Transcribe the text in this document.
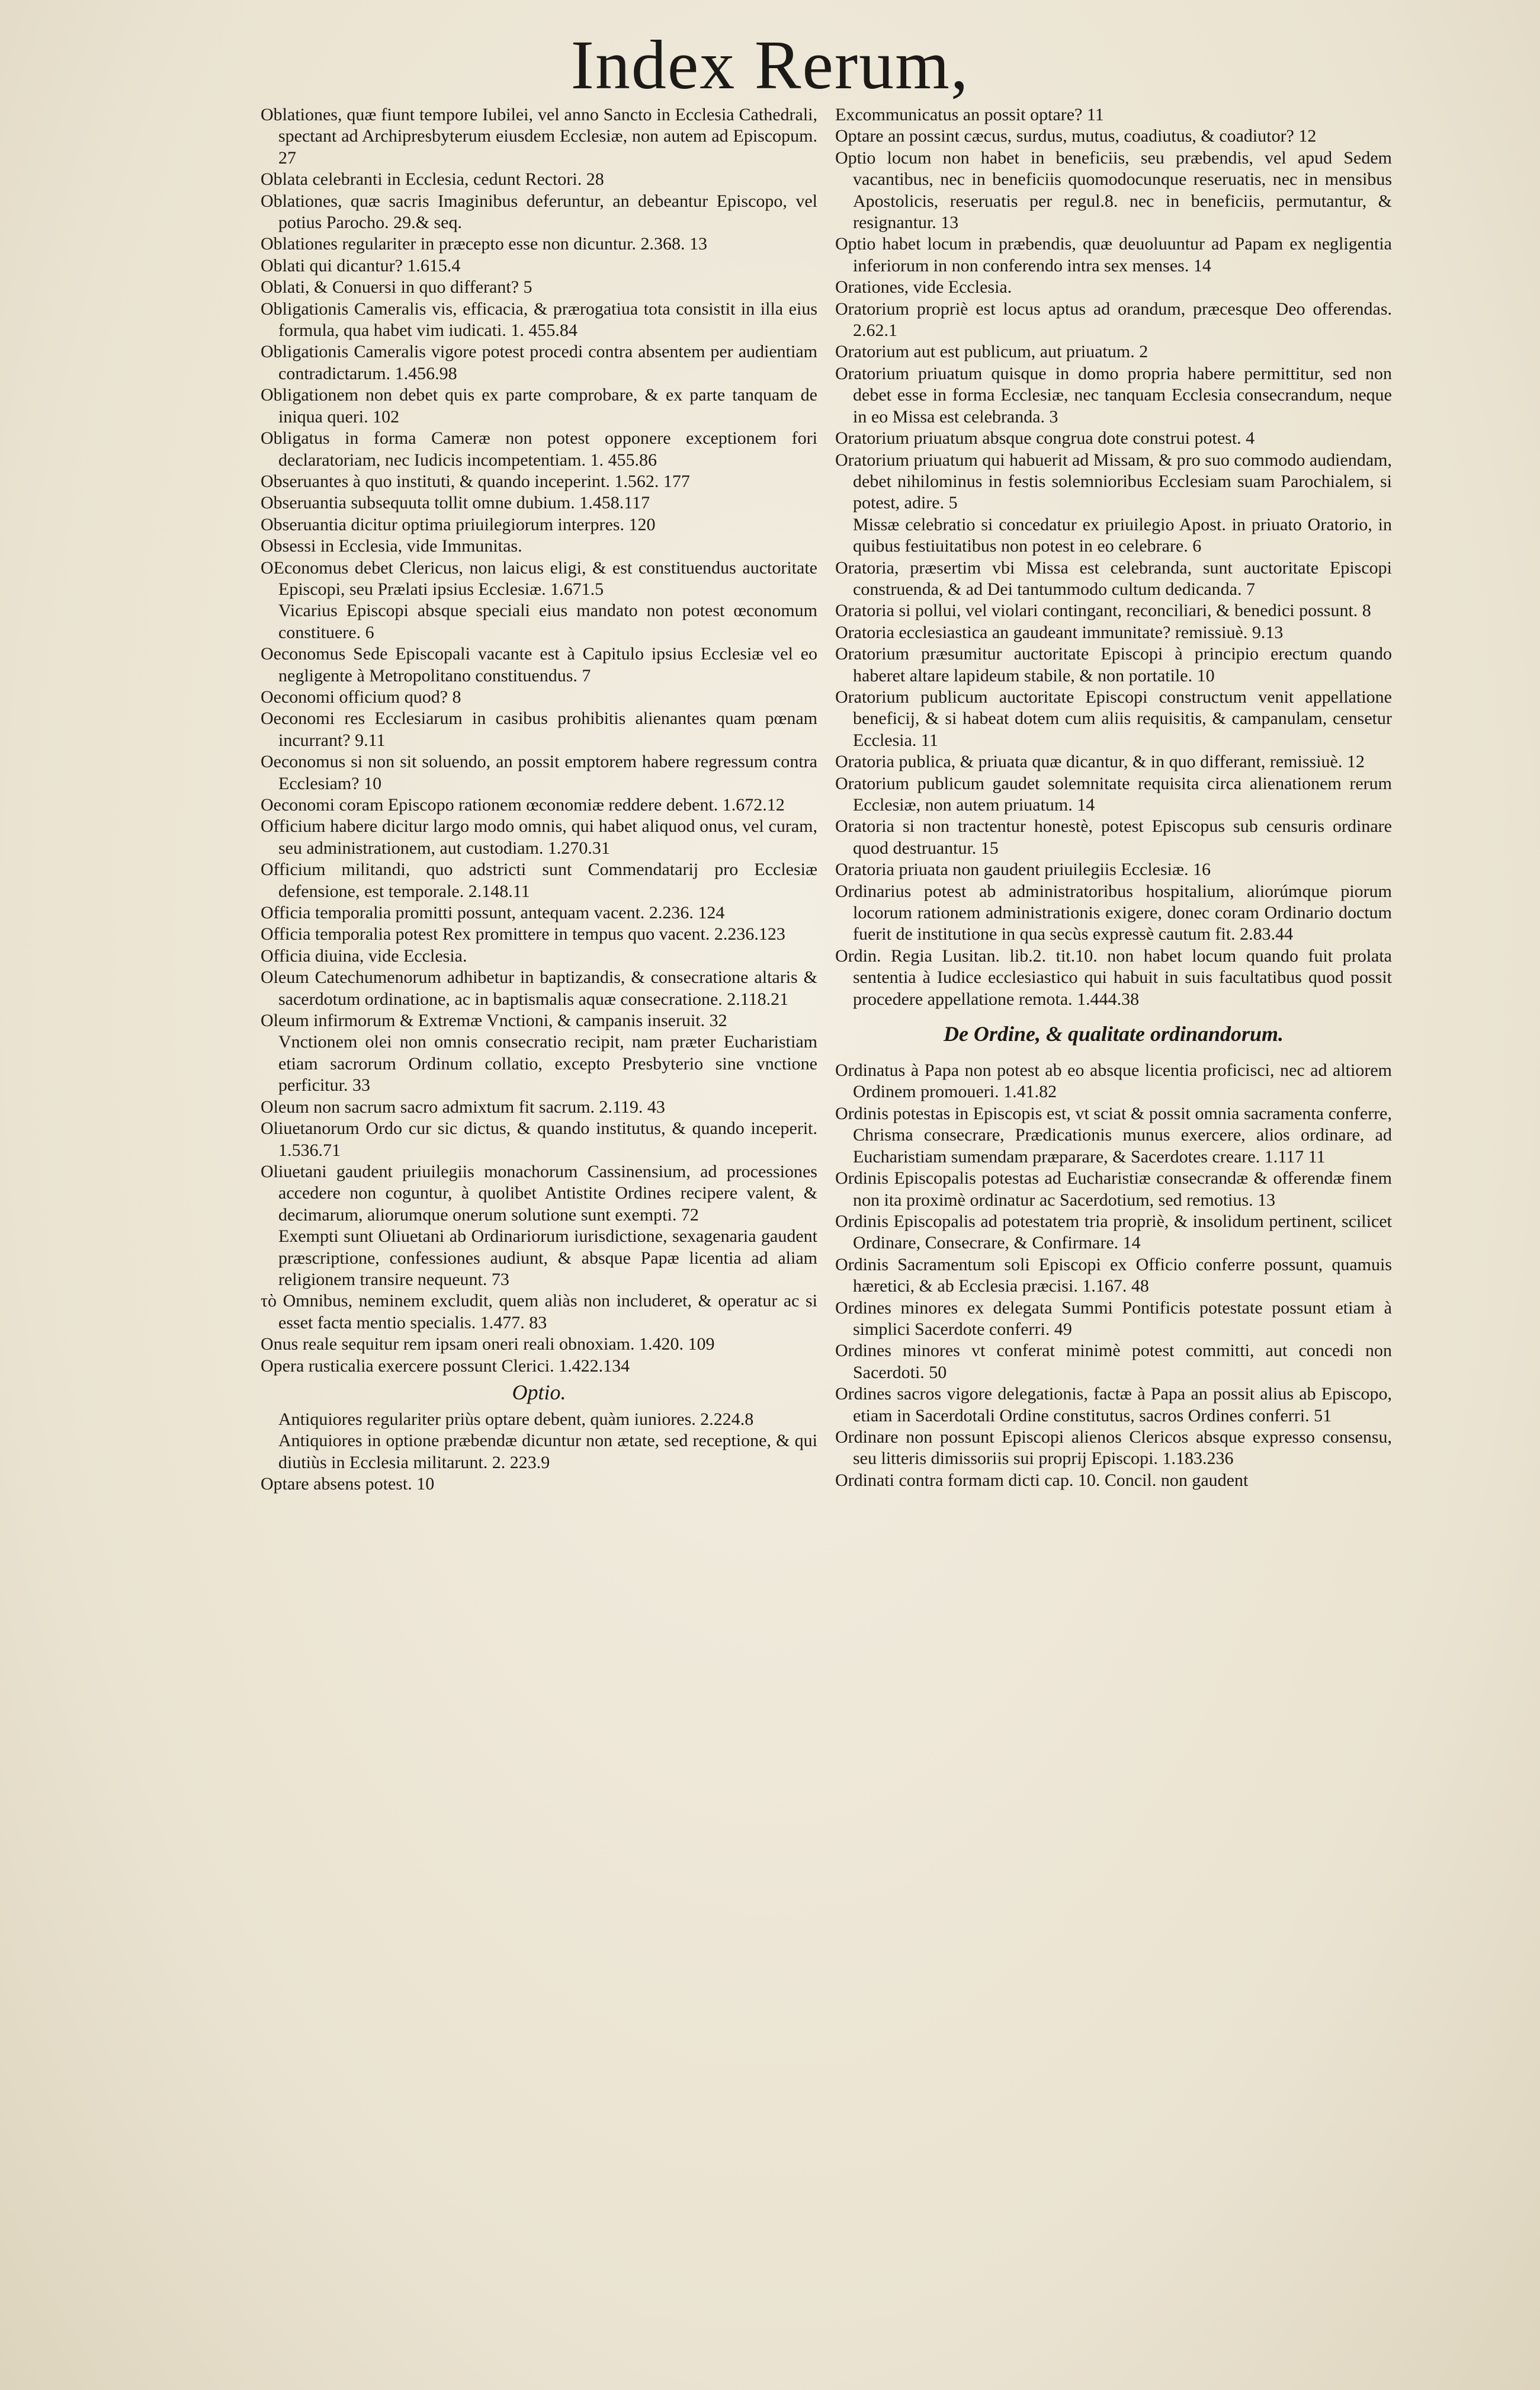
Index Rerum,

Oblationes, quæ fiunt tempore Iubilei, vel anno Sancto in Ecclesia Cathedrali, spectant ad Archipresbyterum eiusdem Ecclesiæ, non autem ad Episcopum. 27

Oblata celebranti in Ecclesia, cedunt Rectori. 28

Oblationes, quæ sacris Imaginibus deferuntur, an debeantur Episcopo, vel potius Parocho. 29.& seq.

Oblationes regulariter in præcepto esse non dicuntur. 2.368. 13

Oblati qui dicantur? 1.615.4

Oblati, & Conuersi in quo differant? 5

Obligationis Cameralis vis, efficacia, & prærogatiua tota consistit in illa eius formula, qua habet vim iudicati. 1. 455.84

Obligationis Cameralis vigore potest procedi contra absentem per audientiam contradictarum. 1.456.98

Obligationem non debet quis ex parte comprobare, & ex parte tanquam de iniqua queri. 102

Obligatus in forma Cameræ non potest opponere exceptionem fori declaratoriam, nec Iudicis incompetentiam. 1. 455.86

Obseruantes à quo instituti, & quando inceperint. 1.562. 177

Obseruantia subsequuta tollit omne dubium. 1.458.117

Obseruantia dicitur optima priuilegiorum interpres. 120

Obsessi in Ecclesia, vide Immunitas.

OEconomus debet Clericus, non laicus eligi, & est constituendus auctoritate Episcopi, seu Prælati ipsius Ecclesiæ. 1.671.5

Vicarius Episcopi absque speciali eius mandato non potest œconomum constituere. 6

Oeconomus Sede Episcopali vacante est à Capitulo ipsius Ecclesiæ vel eo negligente à Metropolitano constituendus. 7

Oeconomi officium quod? 8

Oeconomi res Ecclesiarum in casibus prohibitis alienantes quam pœnam incurrant? 9.11

Oeconomus si non sit soluendo, an possit emptorem habere regressum contra Ecclesiam? 10

Oeconomi coram Episcopo rationem œconomiæ reddere debent. 1.672.12

Officium habere dicitur largo modo omnis, qui habet aliquod onus, vel curam, seu administrationem, aut custodiam. 1.270.31

Officium militandi, quo adstricti sunt Commendatarij pro Ecclesiæ defensione, est temporale. 2.148.11

Officia temporalia promitti possunt, antequam vacent. 2.236. 124

Officia temporalia potest Rex promittere in tempus quo vacent. 2.236.123

Officia diuina, vide Ecclesia.

Oleum Catechumenorum adhibetur in baptizandis, & consecratione altaris & sacerdotum ordinatione, ac in baptismalis aquæ consecratione. 2.118.21

Oleum infirmorum & Extremæ Vnctioni, & campanis inseruit. 32

Vnctionem olei non omnis consecratio recipit, nam præter Eucharistiam etiam sacrorum Ordinum collatio, excepto Presbyterio sine vnctione perficitur. 33

Oleum non sacrum sacro admixtum fit sacrum. 2.119. 43

Oliuetanorum Ordo cur sic dictus, & quando institutus, & quando inceperit. 1.536.71

Oliuetani gaudent priuilegiis monachorum Cassinensium, ad processiones accedere non coguntur, à quolibet Antistite Ordines recipere valent, & decimarum, aliorumque onerum solutione sunt exempti. 72

Exempti sunt Oliuetani ab Ordinariorum iurisdictione, sexagenaria gaudent præscriptione, confessiones audiunt, & absque Papæ licentia ad aliam religionem transire nequeunt. 73

τὸ Omnibus, neminem excludit, quem aliàs non includeret, & operatur ac si esset facta mentio specialis. 1.477. 83

Onus reale sequitur rem ipsam oneri reali obnoxiam. 1.420. 109

Opera rusticalia exercere possunt Clerici. 1.422.134

Optio.

Antiquiores regulariter priùs optare debent, quàm iuniores. 2.224.8

Antiquiores in optione præbendæ dicuntur non ætate, sed receptione, & qui diutiùs in Ecclesia militarunt. 2. 223.9

Optare absens potest. 10

Excommunicatus an possit optare? 11

Optare an possint cæcus, surdus, mutus, coadiutus, & coadiutor? 12

Optio locum non habet in beneficiis, seu præbendis, vel apud Sedem vacantibus, nec in beneficiis quomodocunque reseruatis, nec in mensibus Apostolicis, reseruatis per regul.8. nec in beneficiis, permutantur, & resignantur. 13

Optio habet locum in præbendis, quæ deuoluuntur ad Papam ex negligentia inferiorum in non conferendo intra sex menses. 14

Orationes, vide Ecclesia.

Oratorium propriè est locus aptus ad orandum, præcesque Deo offerendas. 2.62.1

Oratorium aut est publicum, aut priuatum. 2

Oratorium priuatum quisque in domo propria habere permittitur, sed non debet esse in forma Ecclesiæ, nec tanquam Ecclesia consecrandum, neque in eo Missa est celebranda. 3

Oratorium priuatum absque congrua dote construi potest. 4

Oratorium priuatum qui habuerit ad Missam, & pro suo commodo audiendam, debet nihilominus in festis solemnioribus Ecclesiam suam Parochialem, si potest, adire. 5

Missæ celebratio si concedatur ex priuilegio Apost. in priuato Oratorio, in quibus festiuitatibus non potest in eo celebrare. 6

Oratoria, præsertim vbi Missa est celebranda, sunt auctoritate Episcopi construenda, & ad Dei tantummodo cultum dedicanda. 7

Oratoria si pollui, vel violari contingant, reconciliari, & benedici possunt. 8

Oratoria ecclesiastica an gaudeant immunitate? remissiuè. 9.13

Oratorium præsumitur auctoritate Episcopi à principio erectum quando haberet altare lapideum stabile, & non portatile. 10

Oratorium publicum auctoritate Episcopi constructum venit appellatione beneficij, & si habeat dotem cum aliis requisitis, & campanulam, censetur Ecclesia. 11

Oratoria publica, & priuata quæ dicantur, & in quo differant, remissiuè. 12

Oratorium publicum gaudet solemnitate requisita circa alienationem rerum Ecclesiæ, non autem priuatum. 14

Oratoria si non tractentur honestè, potest Episcopus sub censuris ordinare quod destruantur. 15

Oratoria priuata non gaudent priuilegiis Ecclesiæ. 16

Ordinarius potest ab administratoribus hospitalium, aliorúmque piorum locorum rationem administrationis exigere, donec coram Ordinario doctum fuerit de institutione in qua secùs expressè cautum fit. 2.83.44

Ordin. Regia Lusitan. lib.2. tit.10. non habet locum quando fuit prolata sententia à Iudice ecclesiastico qui habuit in suis facultatibus quod possit procedere appellatione remota. 1.444.38

De Ordine, & qualitate ordinandorum.

Ordinatus à Papa non potest ab eo absque licentia proficisci, nec ad altiorem Ordinem promoueri. 1.41.82

Ordinis potestas in Episcopis est, vt sciat & possit omnia sacramenta conferre, Chrisma consecrare, Prædicationis munus exercere, alios ordinare, ad Eucharistiam sumendam præparare, & Sacerdotes creare. 1.117 11

Ordinis Episcopalis potestas ad Eucharistiæ consecrandæ & offerendæ finem non ita proximè ordinatur ac Sacerdotium, sed remotius. 13

Ordinis Episcopalis ad potestatem tria propriè, & insolidum pertinent, scilicet Ordinare, Consecrare, & Confirmare. 14

Ordinis Sacramentum soli Episcopi ex Officio conferre possunt, quamuis hæretici, & ab Ecclesia præcisi. 1.167. 48

Ordines minores ex delegata Summi Pontificis potestate possunt etiam à simplici Sacerdote conferri. 49

Ordines minores vt conferat minimè potest committi, aut concedi non Sacerdoti. 50

Ordines sacros vigore delegationis, factæ à Papa an possit alius ab Episcopo, etiam in Sacerdotali Ordine constitutus, sacros Ordines conferri. 51

Ordinare non possunt Episcopi alienos Clericos absque expresso consensu, seu litteris dimissoriis sui proprij Episcopi. 1.183.236

Ordinati contra formam dicti cap. 10. Concil. non gaudent
